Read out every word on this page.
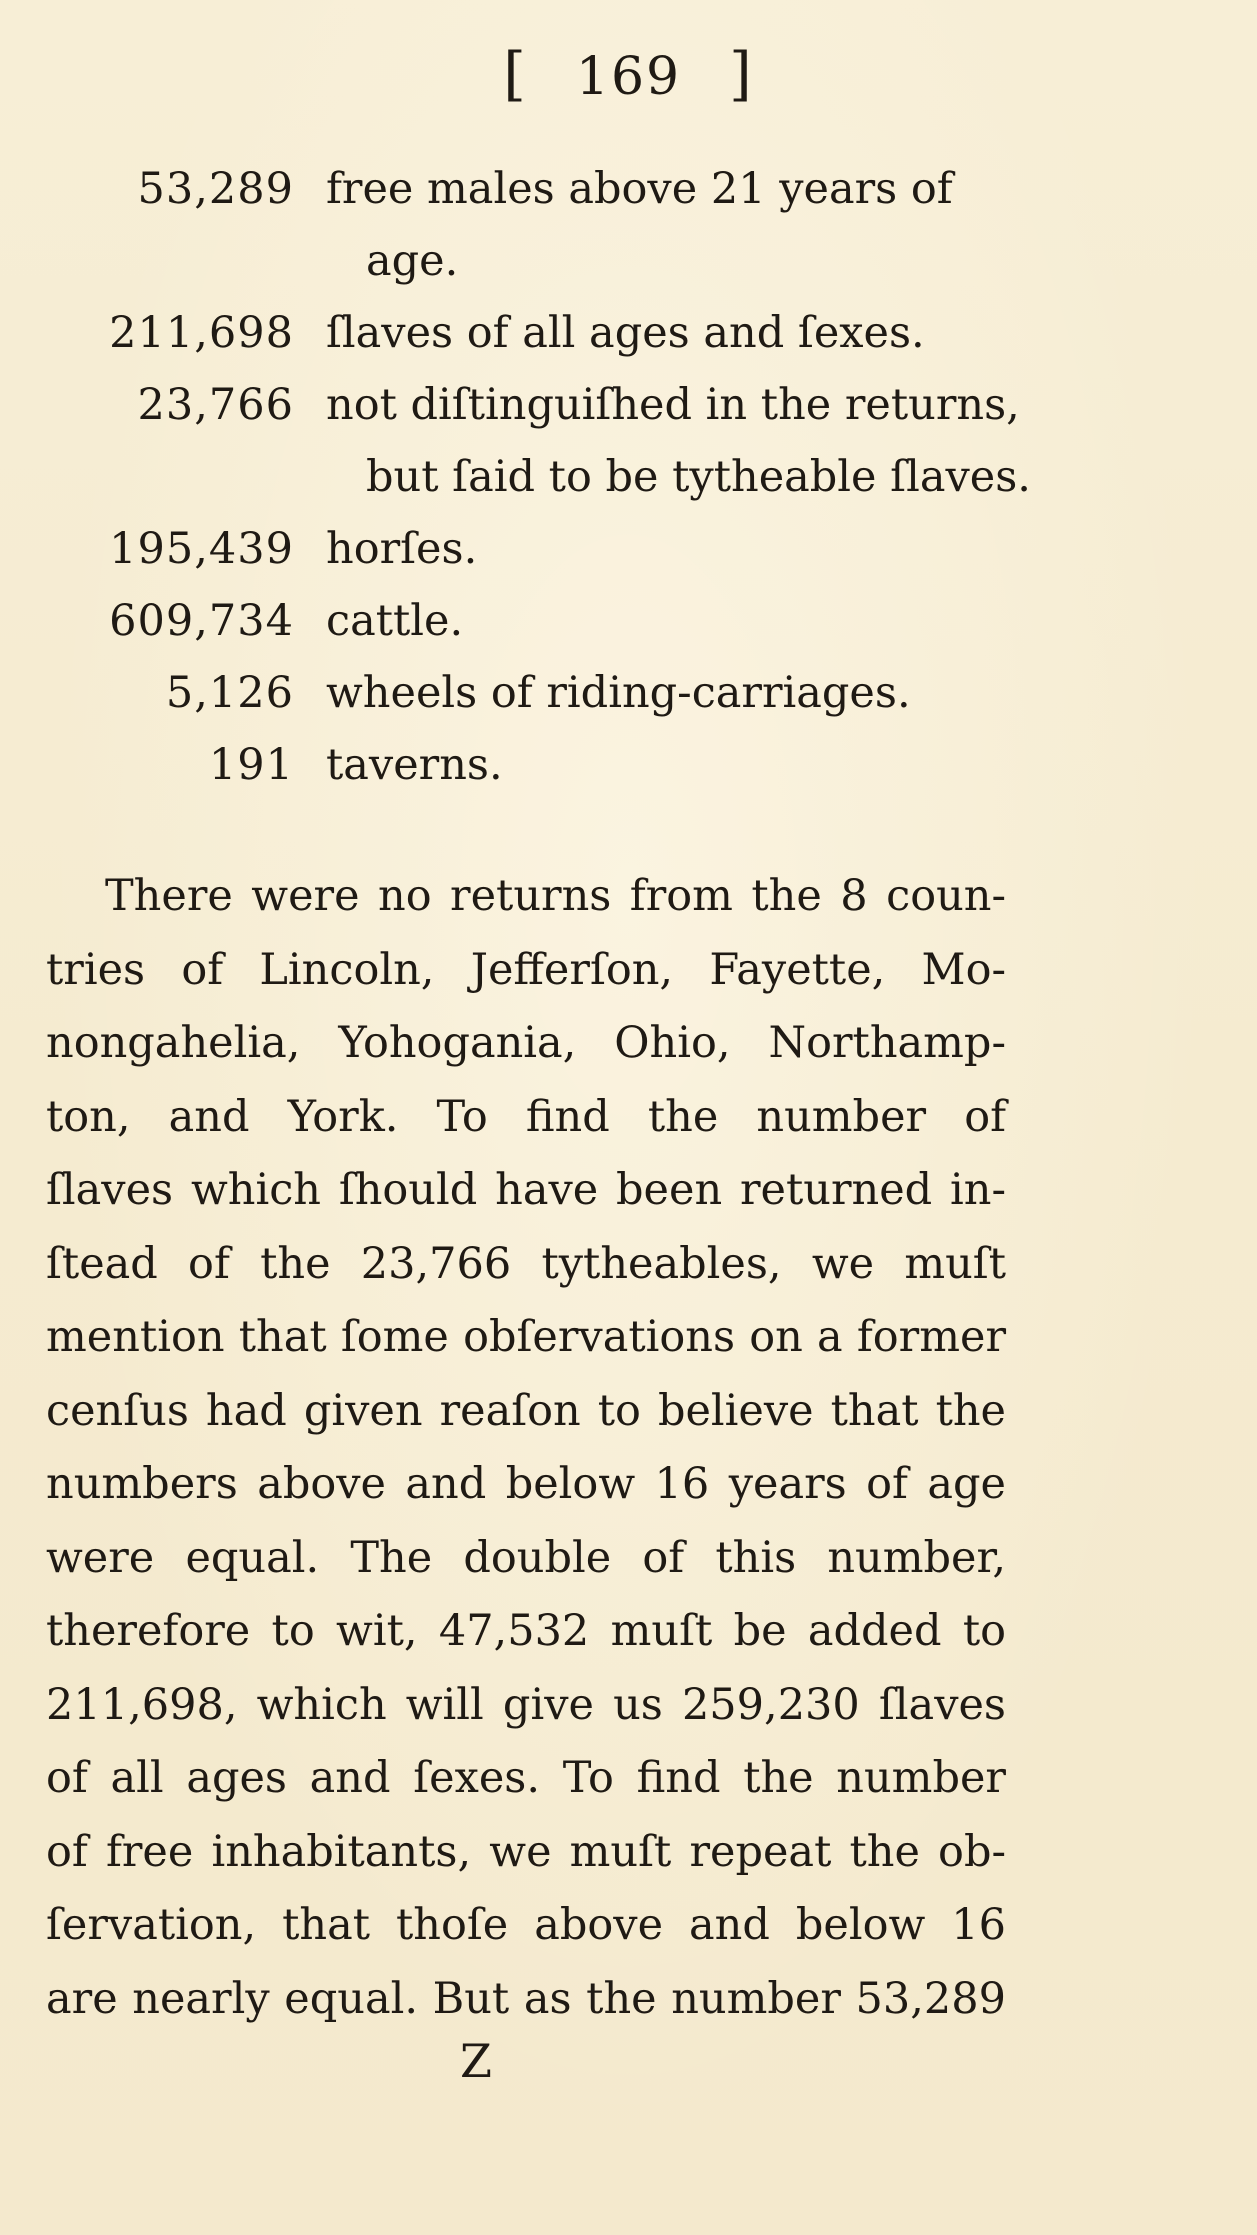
[ 169 ]
53,289 free males above 21 years of
age.
211,698 ſlaves of all ages and ſexes.
23,766 not diſtinguiſhed in the returns,
but ſaid to be tytheable ſlaves.
195,439 horſes.
609,734 cattle.
5,126 wheels of riding-carriages.
191 taverns.
There were no returns from the 8 coun-
tries of Lincoln, Jefferſon, Fayette, Mo-
nongahelia, Yohogania, Ohio, Northamp-
ton, and York. To find the number of
ſlaves which ſhould have been returned in-
ſtead of the 23,766 tytheables, we muſt
mention that ſome obſervations on a former
cenſus had given reaſon to believe that the
numbers above and below 16 years of age
were equal. The double of this number,
therefore to wit, 47,532 muſt be added to
211,698, which will give us 259,230 ſlaves
of all ages and ſexes. To find the number
of free inhabitants, we muſt repeat the ob-
ſervation, that thoſe above and below 16
are nearly equal. But as the number 53,289
Z
